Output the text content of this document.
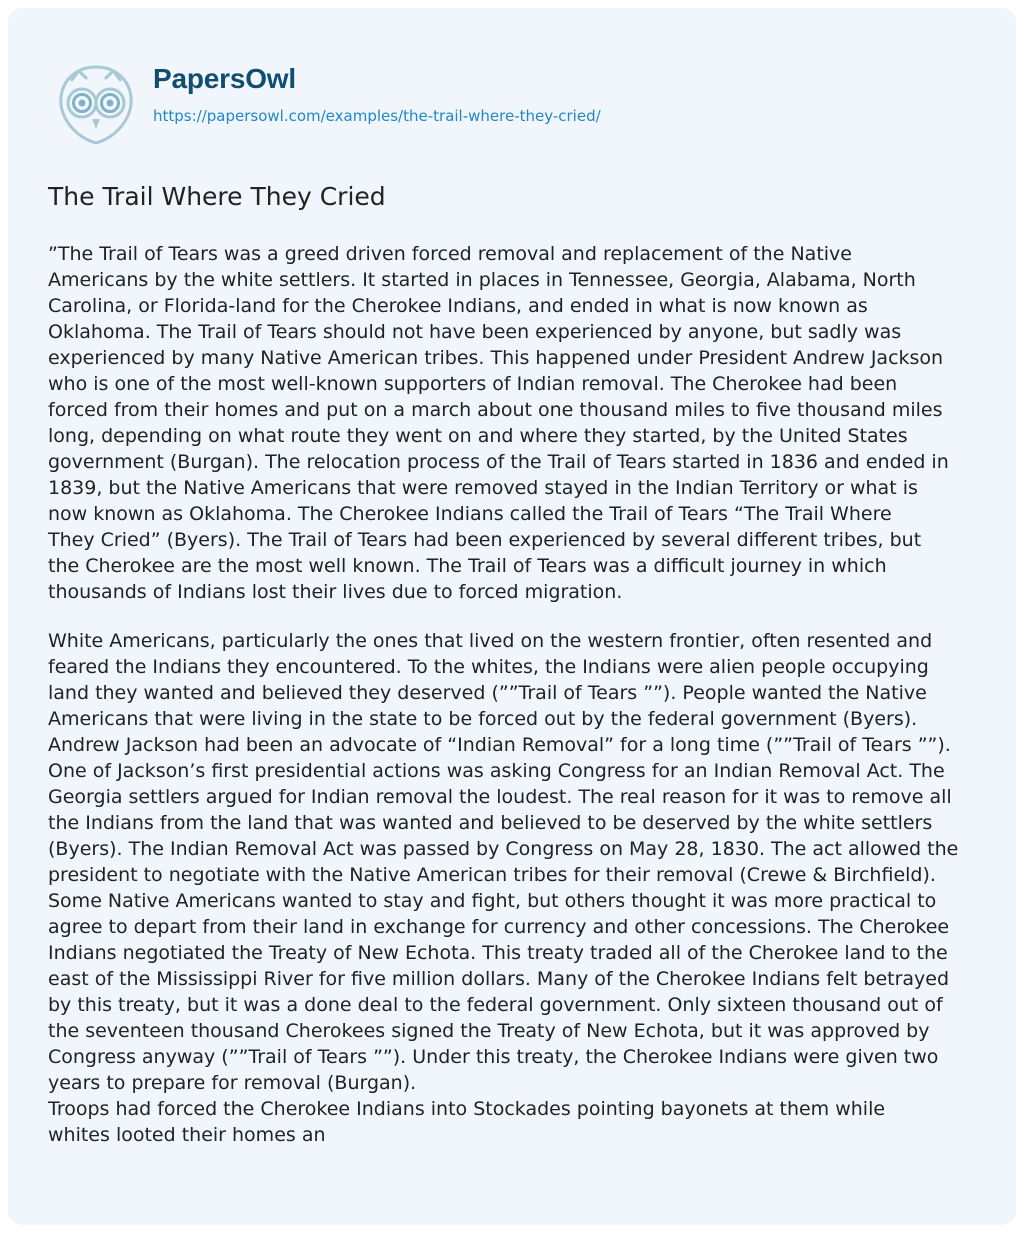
PapersOwl
https://papersowl.com/examples/the-trail-where-they-cried/
The Trail Where They Cried
”The Trail of Tears was a greed driven forced removal and replacement of the Native
Americans by the white settlers. It started in places in Tennessee, Georgia, Alabama, North
Carolina, or Florida-land for the Cherokee Indians, and ended in what is now known as
Oklahoma. The Trail of Tears should not have been experienced by anyone, but sadly was
experienced by many Native American tribes. This happened under President Andrew Jackson
who is one of the most well-known supporters of Indian removal. The Cherokee had been
forced from their homes and put on a march about one thousand miles to five thousand miles
long, depending on what route they went on and where they started, by the United States
government (Burgan). The relocation process of the Trail of Tears started in 1836 and ended in
1839, but the Native Americans that were removed stayed in the Indian Territory or what is
now known as Oklahoma. The Cherokee Indians called the Trail of Tears “The Trail Where
They Cried” (Byers). The Trail of Tears had been experienced by several different tribes, but
the Cherokee are the most well known. The Trail of Tears was a difficult journey in which
thousands of Indians lost their lives due to forced migration.
White Americans, particularly the ones that lived on the western frontier, often resented and
feared the Indians they encountered. To the whites, the Indians were alien people occupying
land they wanted and believed they deserved (””Trail of Tears ””). People wanted the Native
Americans that were living in the state to be forced out by the federal government (Byers).
Andrew Jackson had been an advocate of “Indian Removal” for a long time (””Trail of Tears ””).
One of Jackson’s first presidential actions was asking Congress for an Indian Removal Act. The
Georgia settlers argued for Indian removal the loudest. The real reason for it was to remove all
the Indians from the land that was wanted and believed to be deserved by the white settlers
(Byers). The Indian Removal Act was passed by Congress on May 28, 1830. The act allowed the
president to negotiate with the Native American tribes for their removal (Crewe & Birchfield).
Some Native Americans wanted to stay and fight, but others thought it was more practical to
agree to depart from their land in exchange for currency and other concessions. The Cherokee
Indians negotiated the Treaty of New Echota. This treaty traded all of the Cherokee land to the
east of the Mississippi River for five million dollars. Many of the Cherokee Indians felt betrayed
by this treaty, but it was a done deal to the federal government. Only sixteen thousand out of
the seventeen thousand Cherokees signed the Treaty of New Echota, but it was approved by
Congress anyway (””Trail of Tears ””). Under this treaty, the Cherokee Indians were given two
years to prepare for removal (Burgan).
Troops had forced the Cherokee Indians into Stockades pointing bayonets at them while
whites looted their homes an
